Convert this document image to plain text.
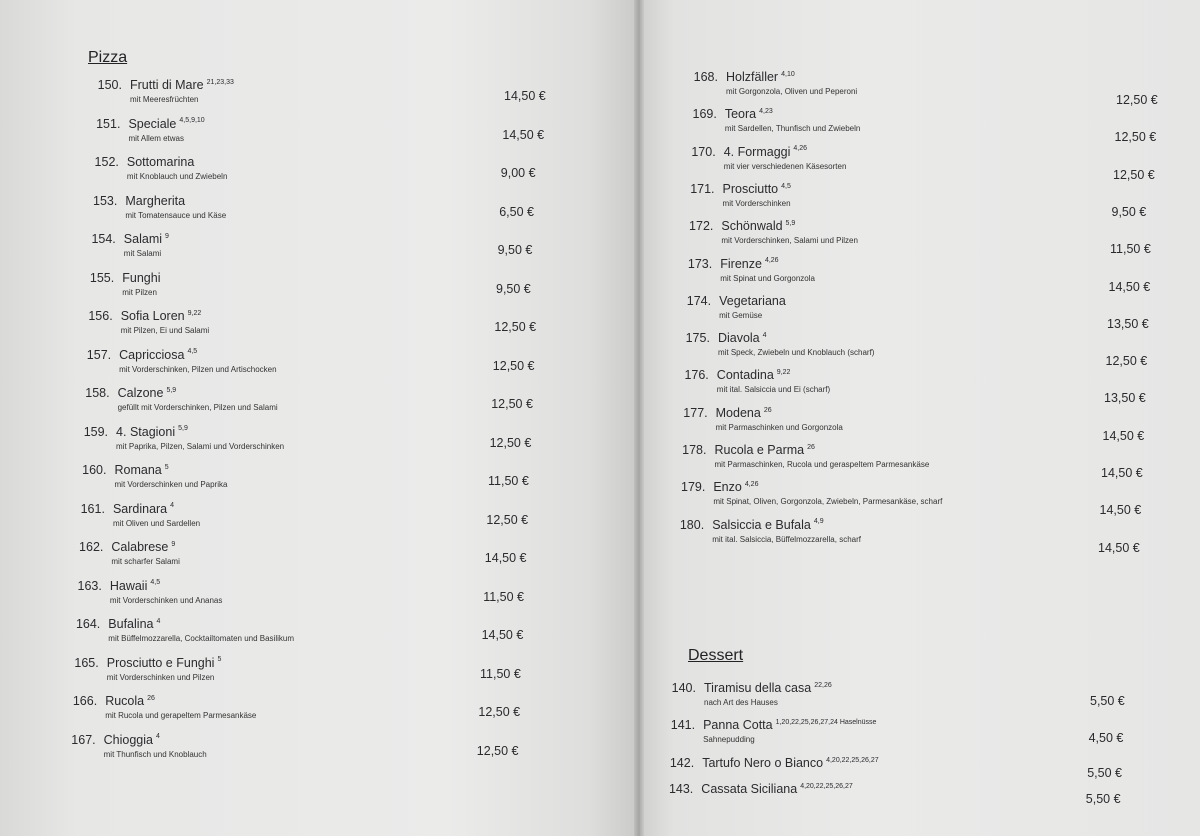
Pizza
Dessert
150. Frutti di Mare $^{21,23,33}$
mit Meeresfrüchten	14,50 €
151. Speciale $^{4,5,9,10}$
mit Allem etwas	14,50 €
152. Sottomarina
mit Knoblauch und Zwiebeln	9,00 €
153. Margherita
mit Tomatensauce und Käse	6,50 €
154. Salami $^9$
mit Salami	9,50 €
155. Funghi
mit Pilzen	9,50 €
156. Sofia Loren $^{9,22}$
mit Pilzen, Ei und Salami	12,50 €
157. Capricciosa $^{4,5}$
mit Vorderschinken, Pilzen und Artischocken	12,50 €
158. Calzone $^{5,9}$
gefüllt mit Vorderschinken, Pilzen und Salami	12,50 €
159. 4. Stagioni $^{5,9}$
mit Paprika, Pilzen, Salami und Vorderschinken	12,50 €
160. Romana $^5$
mit Vorderschinken und Paprika	11,50 €
161. Sardinara $^4$
mit Oliven und Sardellen	12,50 €
162. Calabrese $^9$
mit scharfer Salami	14,50 €
163. Hawaii $^{4,5}$
mit Vorderschinken und Ananas	11,50 €
164. Bufalina $^4$
mit Büffelmozzarella, Cocktailtomaten und Basilikum	14,50 €
165. Prosciutto e Funghi $^5$
mit Vorderschinken und Pilzen	11,50 €
166. Rucola $^{26}$
mit Rucola und gerapeltem Parmesankäse	12,50 €
167. Chioggia $^4$
mit Thunfisch und Knoblauch	12,50 €
168. Holzfäller $^{4,10}$
mit Gorgonzola, Oliven und Peperoni
12,50 €
169. Teora $^{4,23}$
mit Sardellen, Thunfisch und Zwiebeln
12,50 €
170. 4. Formaggi $^{4,26}$
mit vier verschiedenen Käsesorten
12,50 €
171. Prosciutto $^{4,5}$
mit Vorderschinken
9,50 €
172. Schönwald $^{5,9}$
mit Vorderschinken, Salami und Pilzen
11,50 €
173. Firenze $^{4,26}$
mit Spinat und Gorgonzola
14,50 €
174. Vegetariana
mit Gemüse
13,50 €
175. Diavola $^4$
mit Speck, Zwiebeln und Knoblauch (scharf)
12,50 €
176. Contadina $^{9,22}$
mit ital. Salsiccia und Ei (scharf)
13,50 €
177. Modena $^{26}$
mit Parmaschinken und Gorgonzola
14,50 €
178. Rucola e Parma $^{26}$
mit Parmaschinken, Rucola und geraspeltem Parmesankäse
14,50 €
179. Enzo $^{4,26}$
mit Spinat, Oliven, Gorgonzola, Zwiebeln, Parmesankäse, scharf
14,50 €
180. Salsiccia e Bufala $^{4,9}$
mit ital. Salsiccia, Büffelmozzarella, scharf
14,50 €
140. Tiramisu della casa $^{22,26}$
nach Art des Hauses	5,50 €
141. Panna Cotta $^{1,20,22,25,26,27,24 Haselnüsse}$
Sahnepudding	4,50 €
142. Tartufo Nero o Bianco $^{4,20,22,25,26,27}$
5,50 €
143. Cassata Siciliana $^{4,20,22,25,26,27}$
5,50 €
